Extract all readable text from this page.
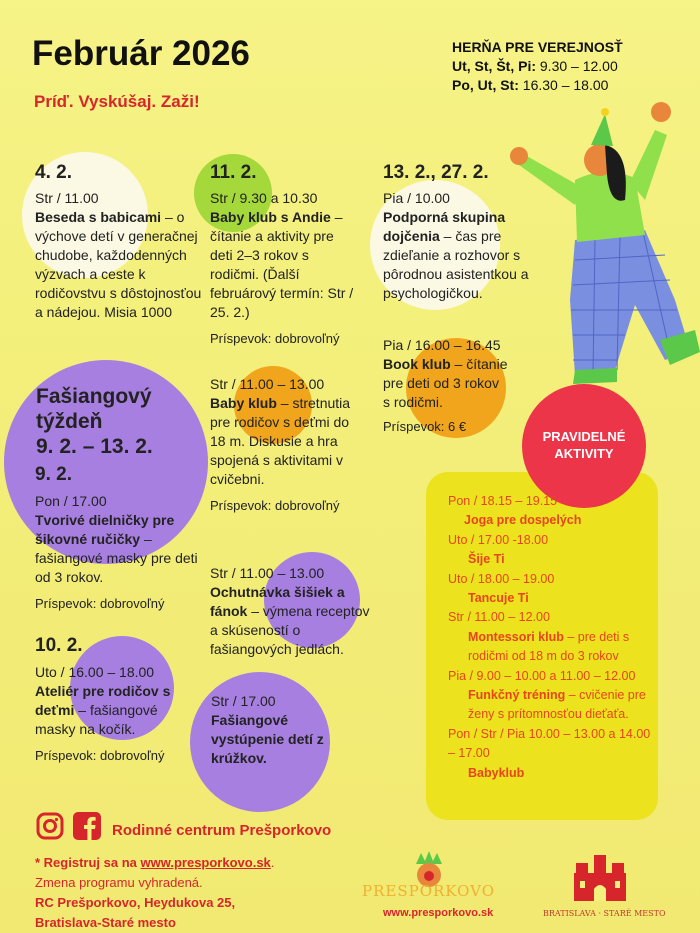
PRAVIDELNÉ AKTIVITY
Február 2026
Príď. Vyskúšaj. Zaži!
HERŇA PRE VEREJNOSŤ
Ut, St, Št, Pi: 9.30 – 12.00
Po, Ut, St: 16.30 – 18.00
4. 2.
Str / 11.00
Beseda s babicami – o výchove detí v generačnej chudobe, každodenných výzvach a ceste k rodičovstvu s dôstojnosťou a nádejou. Misia 1000
11. 2.
Str / 9.30 a 10.30
Baby klub s Andie – čítanie a aktivity pre deti 2–3 rokov s rodičmi. (Ďalší februárový termín: Str / 25. 2.)
Príspevok: dobrovoľný
13. 2., 27. 2.
Pia / 10.00
Podporná skupina dojčenia – čas pre zdieľanie a rozhovor s pôrodnou asistentkou a psychologičkou.
Pia / 16.00 – 16.45
Book klub – čítanie pre deti od 3 rokov s rodičmi.
Príspevok: 6 €
Fašiangový
týždeň
9. 2. – 13. 2.
9. 2.
Pon / 17.00
Tvorivé dielničky pre šikovné ručičky – fašiangové masky pre deti od 3 rokov.
Príspevok: dobrovoľný
Str / 11.00 – 13.00
Baby klub – stretnutia pre rodičov s deťmi do 18 m. Diskusie a hra spojená s aktivitami v cvičebni.
Príspevok: dobrovoľný
Str / 11.00 – 13.00
Ochutnávka šišiek a fánok – výmena receptov a skúseností o fašiangových jedlách.
10. 2.
Uto / 16.00 – 18.00
Ateliér pre rodičov s deťmi – fašiangové masky na kočík.
Príspevok: dobrovoľný
Str / 17.00
Fašiangové vystúpenie detí z krúžkov.
Pon / 18.15 – 19.15
Joga pre dospelých
Uto / 17.00 -18.00
Šije Ti
Uto / 18.00 – 19.00
Tancuje Ti
Str / 11.00 – 12.00
Montessori klub – pre deti s rodičmi od 18 m do 3 rokov
Pia / 9.00 – 10.00 a 11.00 – 12.00
Funkčný tréning – cvičenie pre ženy s prítomnosťou dieťaťa.
Pon / Str / Pia 10.00 – 13.00 a 14.00 – 17.00
Babyklub
Rodinné centrum Prešporkovo
* Registruj sa na www.presporkovo.sk.
Zmena programu vyhradená.
RC Prešporkovo, Heydukova 25,
Bratislava-Staré mesto
PRESPORKOVO
www.presporkovo.sk	BRATISLAVA · STARÉ MESTO
